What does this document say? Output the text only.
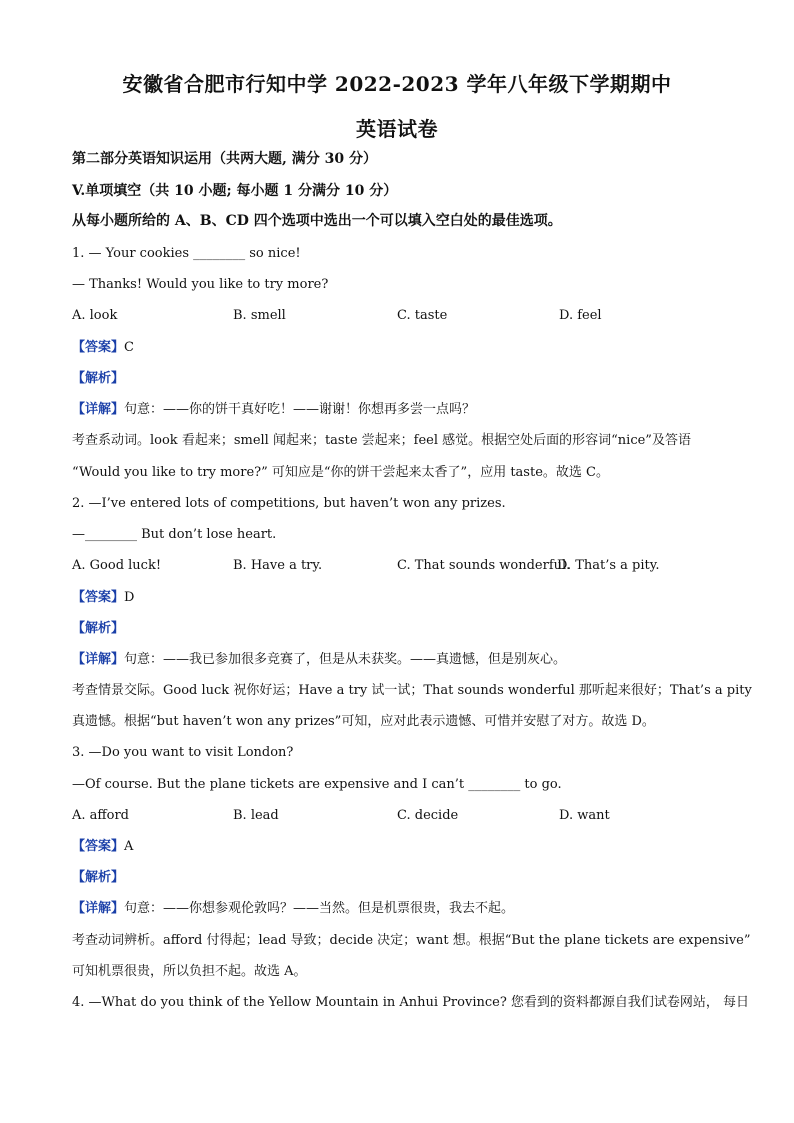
安徽省合肥市行知中学 2022-2023 学年八年级下学期期中
英语试卷
第二部分英语知识运用（共两大题, 满分 30 分）
V.单项填空（共 10 小题; 每小题 1 分满分 10 分）
从每小题所给的 A、B、CD 四个选项中选出一个可以填入空白处的最佳选项。
1. — Your cookies ________ so nice!
— Thanks! Would you like to try more?
A. look	B. smell	C. taste	D. feel
【答案】C
【解析】
【详解】句意：——你的饼干真好吃！——谢谢！你想再多尝一点吗？
考查系动词。look 看起来；smell 闻起来；taste 尝起来；feel 感觉。根据空处后面的形容词“nice”及答语
“Would you like to try more?” 可知应是“你的饼干尝起来太香了”，应用 taste。故选 C。
2. —I’ve entered lots of competitions, but haven’t won any prizes.
—________ But don’t lose heart.
A. Good luck!	B. Have a try.	C. That sounds wonderful.
D. That’s a pity.
【答案】D
【解析】
【详解】句意：——我已参加很多竞赛了，但是从未获奖。——真遗憾，但是别灰心。
考查情景交际。Good luck 祝你好运；Have a try 试一试；That sounds wonderful 那听起来很好；That’s a pity
真遗憾。根据“but haven’t won any prizes”可知，应对此表示遗憾、可惜并安慰了对方。故选 D。
3. —Do you want to visit London?
—Of course. But the plane tickets are expensive and I can’t ________ to go.
A. afford	B. lead	C. decide	D. want
【答案】A
【解析】
【详解】句意：——你想参观伦敦吗？——当然。但是机票很贵，我去不起。
考查动词辨析。afford 付得起；lead 导致；decide 决定；want 想。根据“But the plane tickets are expensive”
可知机票很贵，所以负担不起。故选 A。
4. —What do you think of the Yellow Mountain in Anhui Province? 您看到的资料都源自我们试卷网站， 每日
